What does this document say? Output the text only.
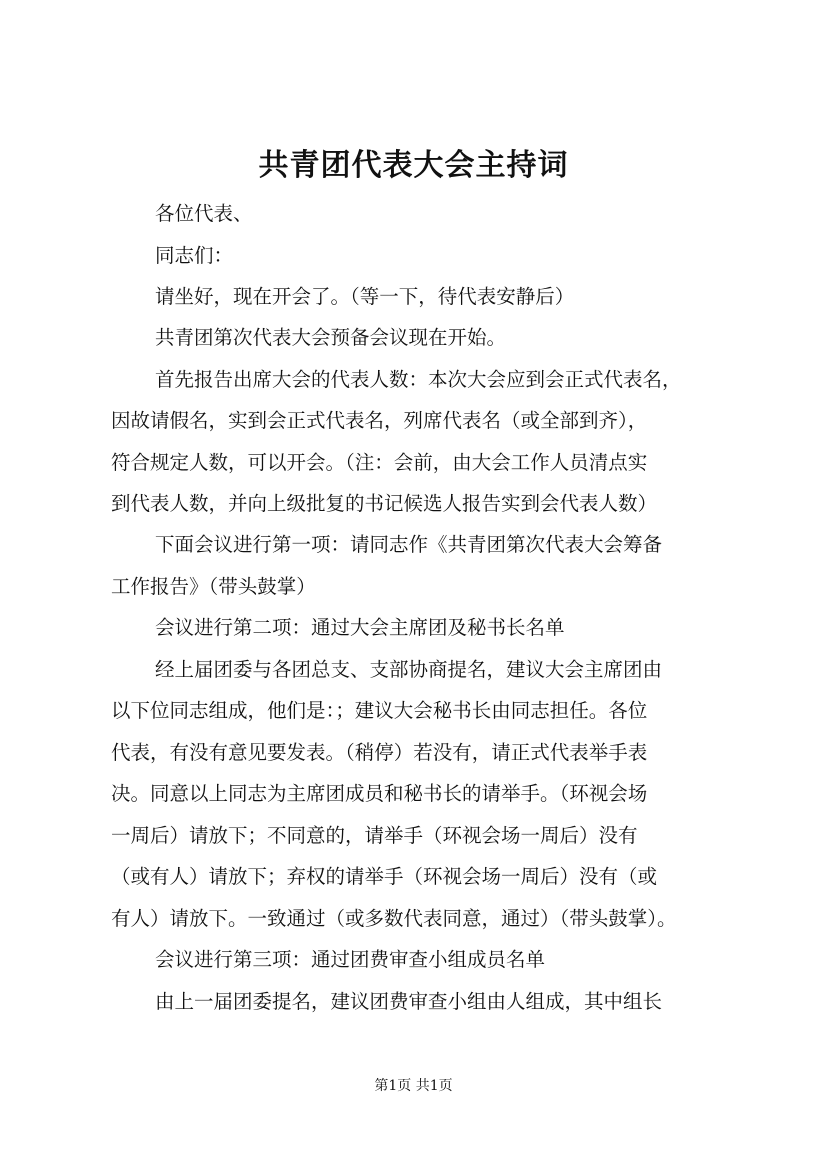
共青团代表大会主持词
各位代表、
同志们：
请坐好，现在开会了。（等一下，待代表安静后）
共青团第次代表大会预备会议现在开始。
首先报告出席大会的代表人数：本次大会应到会正式代表名，
因故请假名，实到会正式代表名，列席代表名（或全部到齐），
符合规定人数，可以开会。（注：会前，由大会工作人员清点实
到代表人数，并向上级批复的书记候选人报告实到会代表人数）
下面会议进行第一项：请同志作《共青团第次代表大会筹备
工作报告》（带头鼓掌）
会议进行第二项：通过大会主席团及秘书长名单
经上届团委与各团总支、支部协商提名，建议大会主席团由
以下位同志组成，他们是：；建议大会秘书长由同志担任。各位
代表，有没有意见要发表。（稍停）若没有，请正式代表举手表
决。同意以上同志为主席团成员和秘书长的请举手。（环视会场
一周后）请放下；不同意的，请举手（环视会场一周后）没有
（或有人）请放下；弃权的请举手（环视会场一周后）没有（或
有人）请放下。一致通过（或多数代表同意，通过）（带头鼓掌）。
会议进行第三项：通过团费审查小组成员名单
由上一届团委提名，建议团费审查小组由人组成，其中组长
第1页 共1页
